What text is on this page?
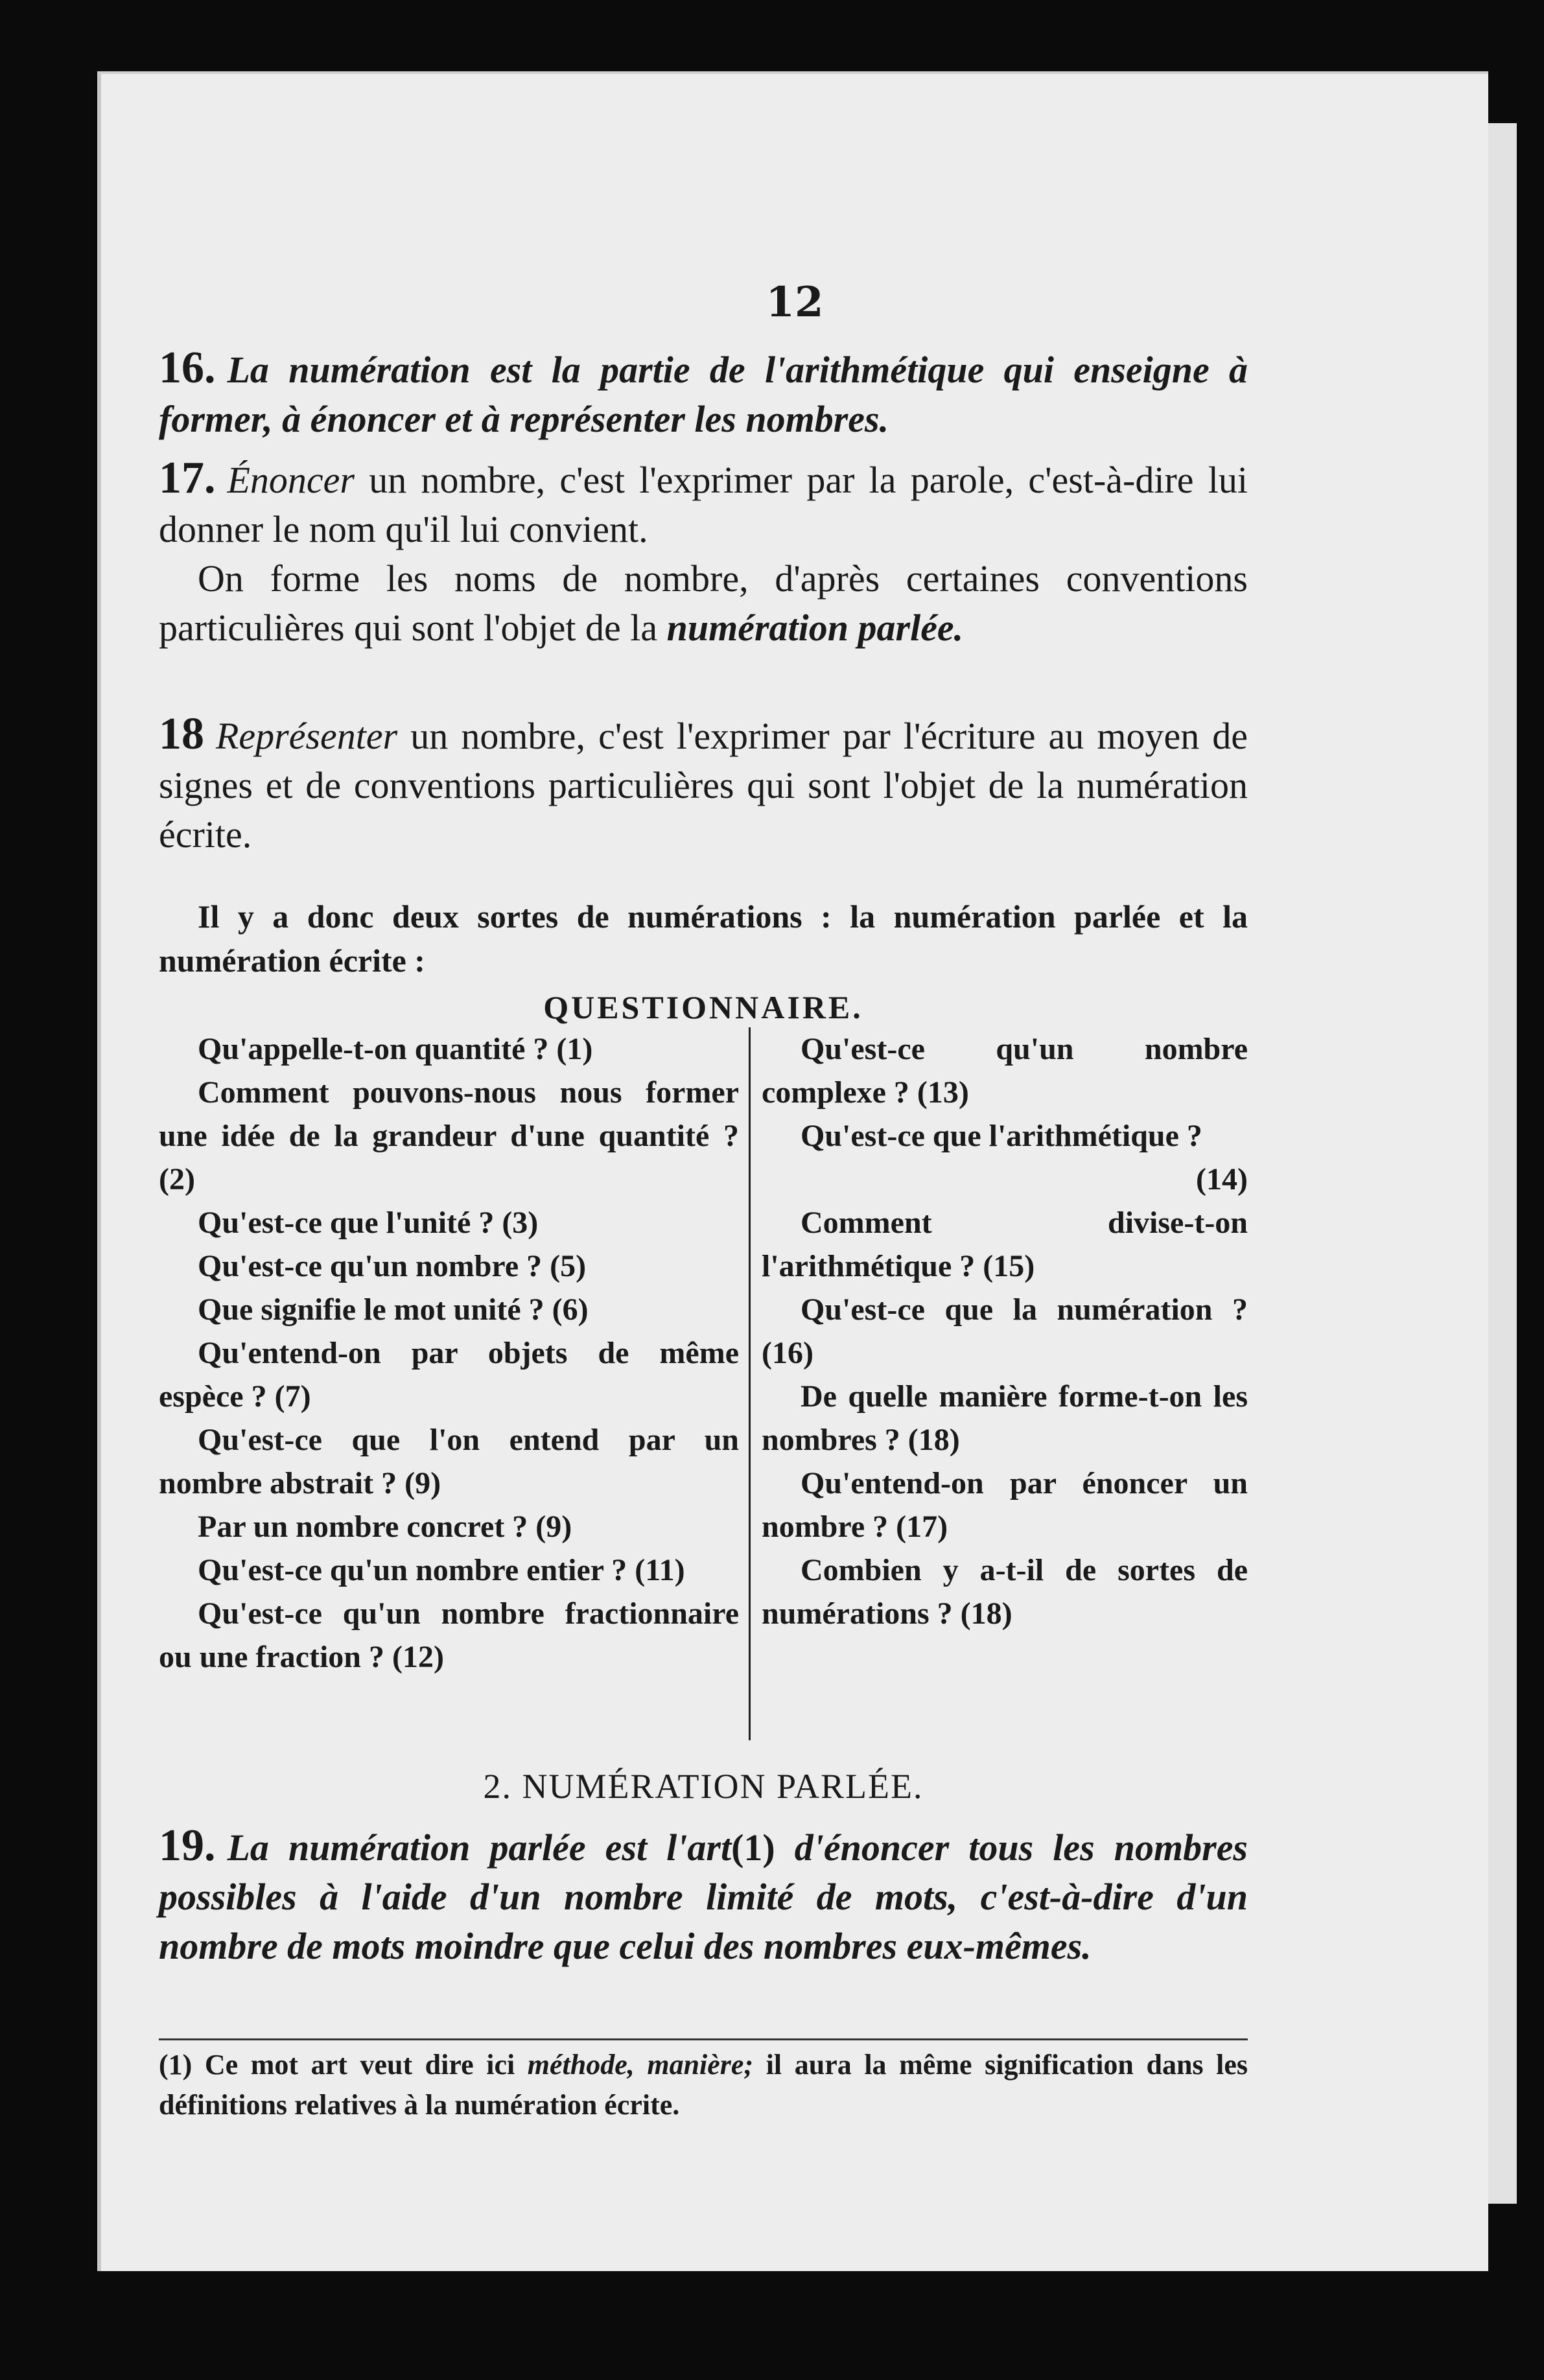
12

16. La numération est la partie de l'arithmétique qui enseigne à former, à énoncer et à représenter les nombres.

17. Énoncer un nombre, c'est l'exprimer par la parole, c'est-à-dire lui donner le nom qu'il lui convient.

On forme les noms de nombre, d'après certaines conventions particulières qui sont l'objet de la numération parlée.

18 Représenter un nombre, c'est l'exprimer par l'écriture au moyen de signes et de conventions particulières qui sont l'objet de la numération écrite.

Il y a donc deux sortes de numérations : la numération parlée et la numération écrite :

QUESTIONNAIRE.

Qu'appelle-t-on quantité ? (1)

Comment pouvons-nous nous former une idée de la grandeur d'une quantité ? (2)

Qu'est-ce que l'unité ? (3)

Qu'est-ce qu'un nombre ? (5)

Que signifie le mot unité ? (6)

Qu'entend-on par objets de même espèce ? (7)

Qu'est-ce que l'on entend par un nombre abstrait ? (9)

Par un nombre concret ? (9)

Qu'est-ce qu'un nombre entier ? (11)

Qu'est-ce qu'un nombre fractionnaire ou une fraction ? (12)

Qu'est-ce qu'un nombre complexe ? (13)

Qu'est-ce que l'arithmétique ?

(14)

Comment divise-t-on l'arithmétique ? (15)

Qu'est-ce que la numération ? (16)

De quelle manière forme-t-on les nombres ? (18)

Qu'entend-on par énoncer un nombre ? (17)

Combien y a-t-il de sortes de numérations ? (18)

2. NUMÉRATION PARLÉE.

19. La numération parlée est l'art(1) d'énoncer tous les nombres possibles à l'aide d'un nombre limité de mots, c'est-à-dire d'un nombre de mots moindre que celui des nombres eux-mêmes.

(1) Ce mot art veut dire ici méthode, manière; il aura la même signification dans les définitions relatives à la numération écrite.
